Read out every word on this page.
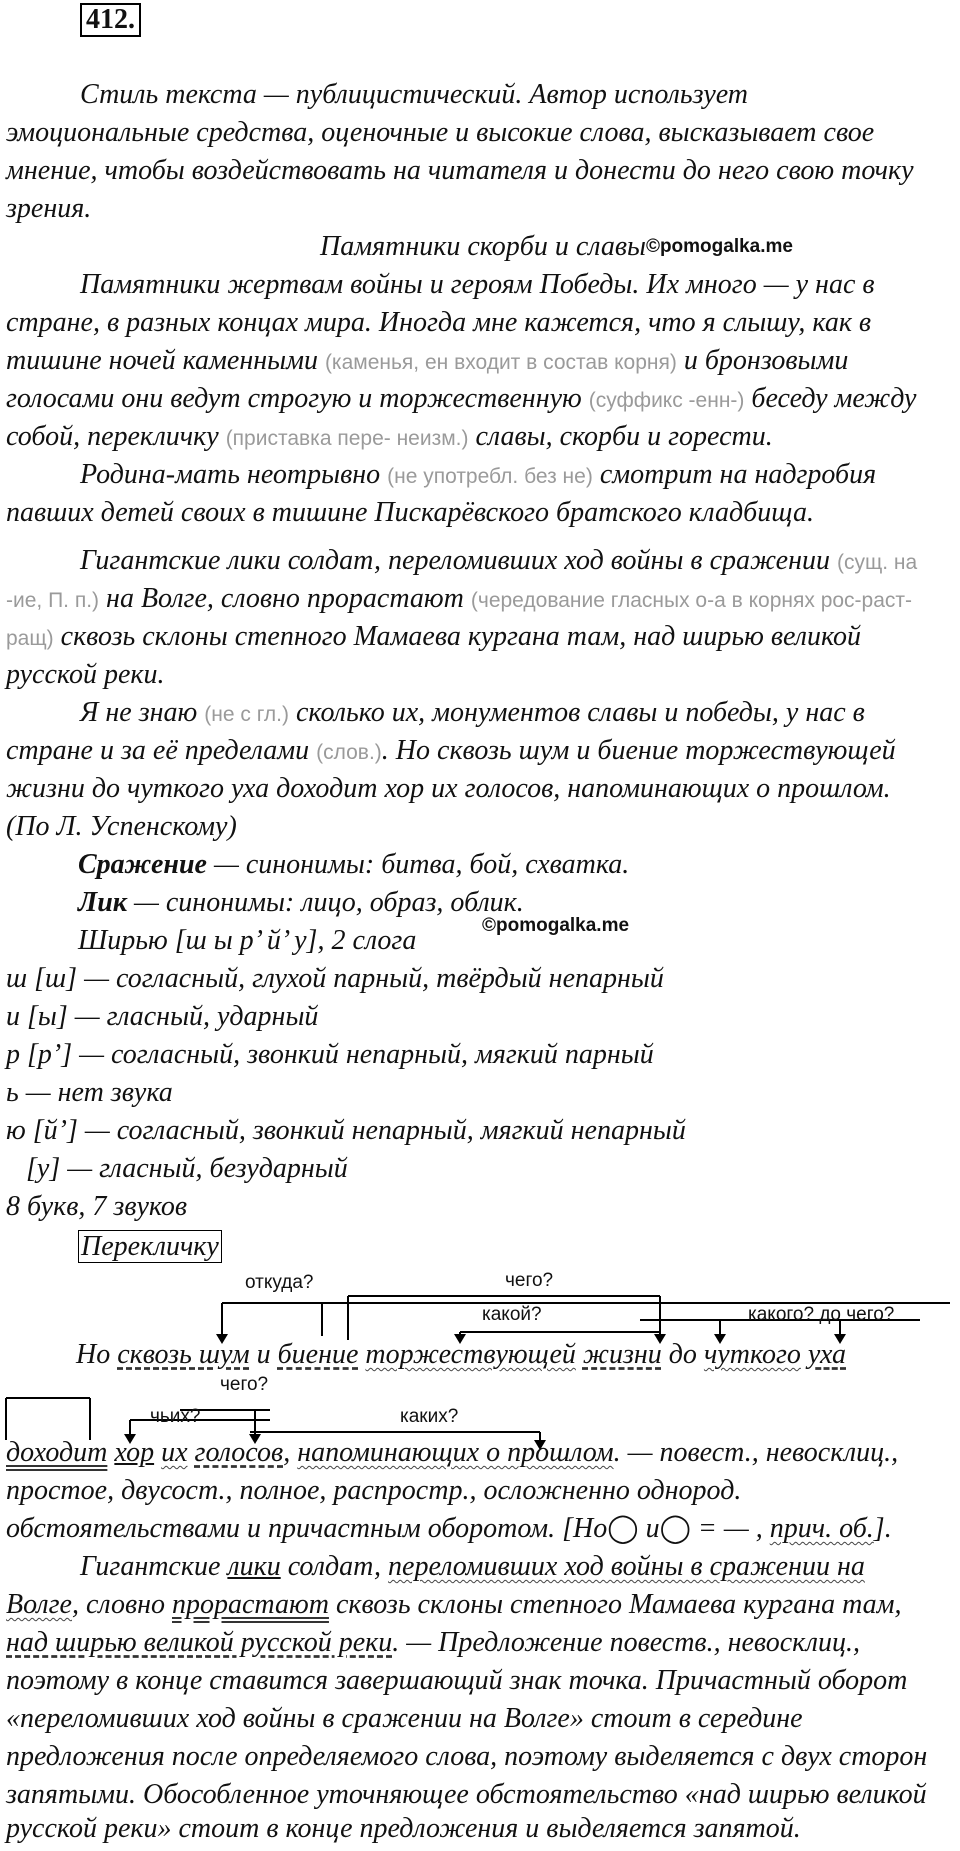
412.
Стиль текста — публицистический. Автор использует
эмоциональные средства, оценочные и высокие слова, высказывает свое
мнение, чтобы воздействовать на читателя и донести до него свою точку
зрения.
Памятники скорби и славы ©pomogalka.me
Памятники жертвам войны и героям Победы. Их много — у нас в
стране, в разных концах мира. Иногда мне кажется, что я слышу, как в
тишине ночей каменными (каменья, ен входит в состав корня) и бронзовыми
голосами они ведут строгую и торжественную (суффикс -енн-) беседу между
собой, перекличку (приставка пере- неизм.) славы, скорби и горести.
Родина-мать неотрывно (не употребл. без не) смотрит на надгробия
павших детей своих в тишине Пискарёвского братского кладбища.
Гигантские лики солдат, переломивших ход войны в сражении (сущ. на
-ие, П. п.) на Волге, словно прорастают (чередование гласных о-а в корнях рос-раст-
ращ) сквозь склоны степного Мамаева кургана там, над ширью великой
русской реки.
Я не знаю (не с гл.) сколько их, монументов славы и победы, у нас в
стране и за её пределами (слов.). Но сквозь шум и биение торжествующей
жизни до чуткого уха доходит хор их голосов, напоминающих о прошлом.
(По Л. Успенскому)
Сражение — синонимы: битва, бой, схватка.
Лик — синонимы: лицо, образ, облик.
Ширью [ш ы р’ й’ у], 2 слога	©pomogalka.me
ш [ш] — согласный, глухой парный, твёрдый непарный
и [ы] — гласный, ударный
р [р’] — согласный, звонкий непарный, мягкий парный
ь — нет звука
ю [й’] — согласный, звонкий непарный, мягкий непарный
[у] — гласный, безударный
8 букв, 7 звуков
Перекличку
откуда?	чего?
какой?	какого? до чего?
чего?
чьих?	каких?
Но сквозь шум и биение торжествующей жизни до чуткого уха
доходит хор их голосов, напоминающих о прошлом. — повест., невосклиц.,
простое, двусост., полное, распростр., осложненно однород.
обстоятельствами и причастным оборотом. [Но◯ и◯ = — , прич. об.].
Гигантские лики солдат, переломивших ход войны в сражении на
Волге, словно прорастают сквозь склоны степного Мамаева кургана там,
над ширью великой русской реки. — Предложение повеств., невосклиц.,
поэтому в конце ставится завершающий знак точка. Причастный оборот
«переломивших ход войны в сражении на Волге» стоит в середине
предложения после определяемого слова, поэтому выделяется с двух сторон
запятыми. Обособленное уточняющее обстоятельство «над ширью великой
русской реки» стоит в конце предложения и выделяется запятой.
